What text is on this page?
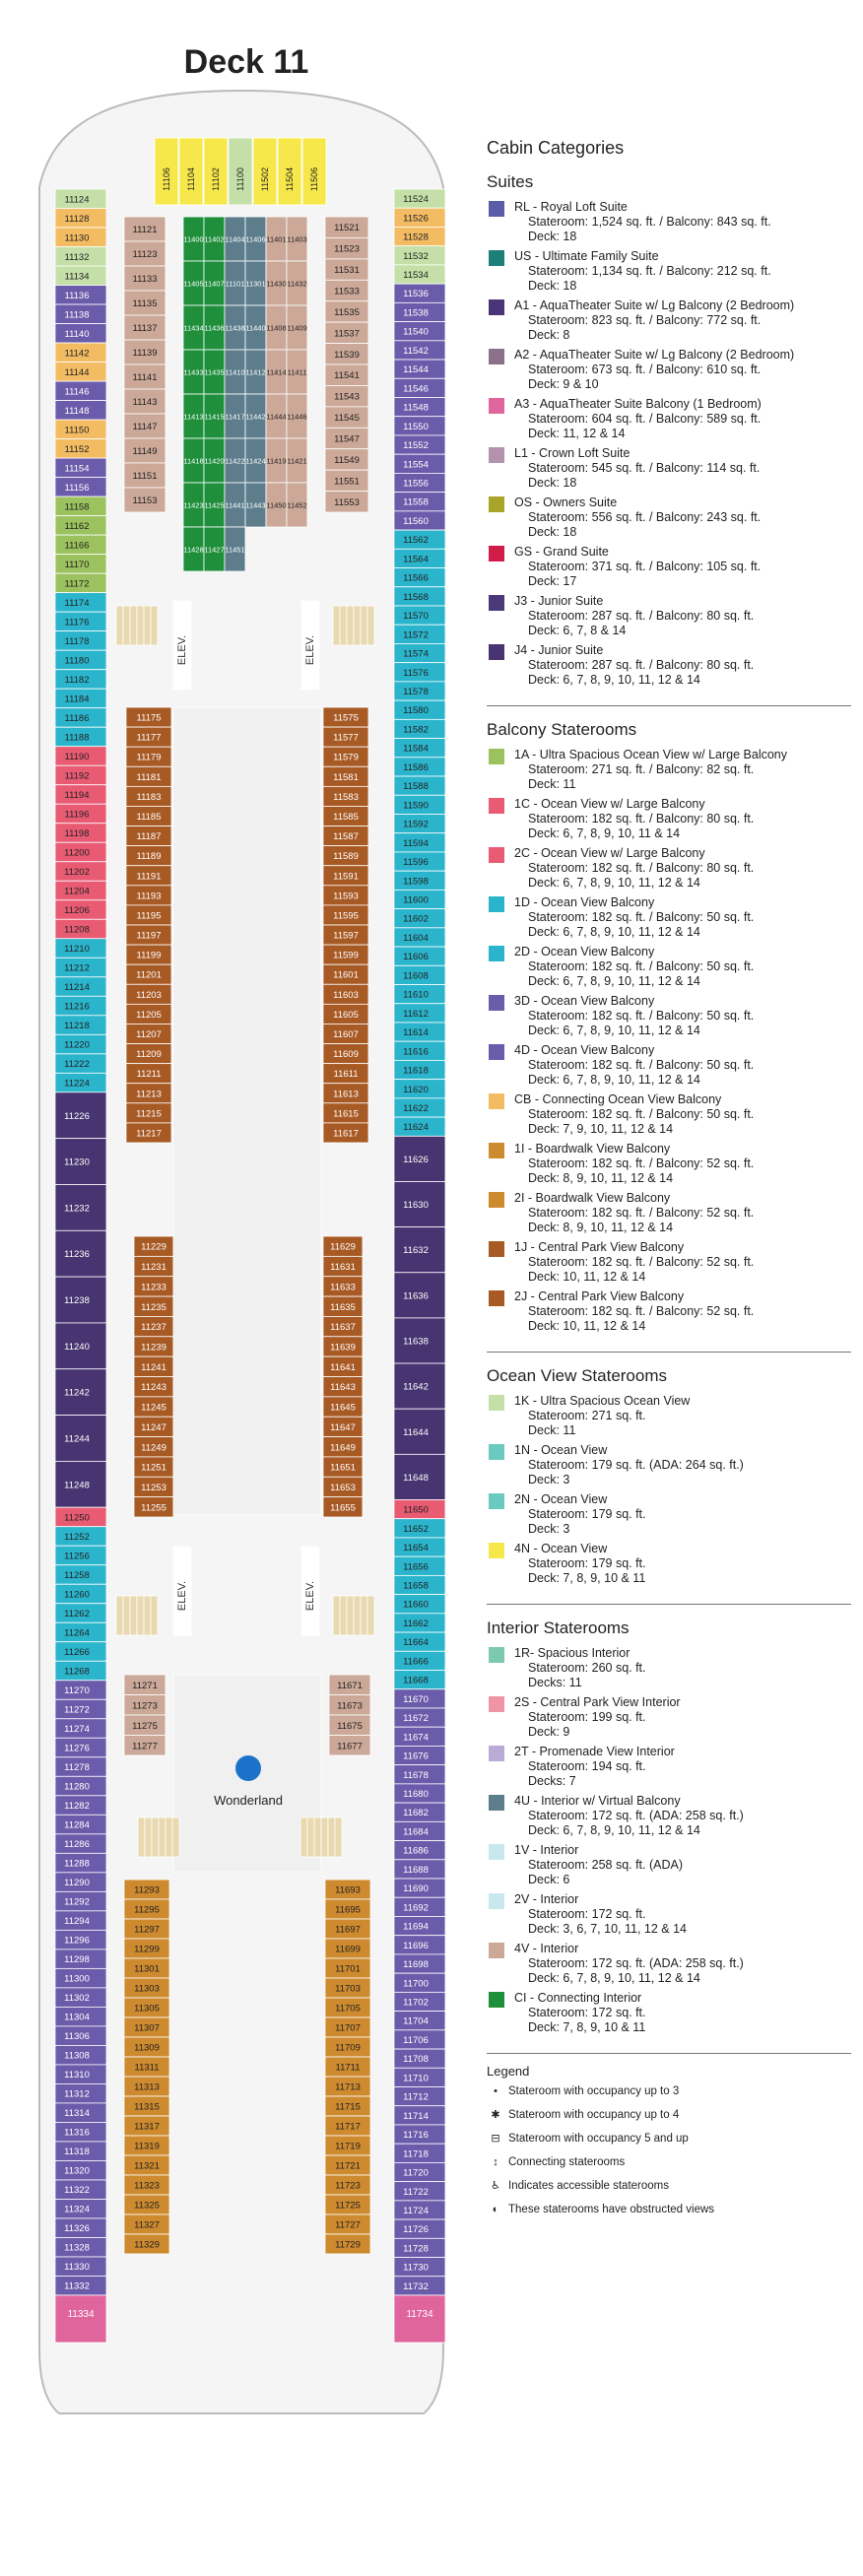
Deck 11
11124
11128
11130
11132
11134
11136
11138
11140
11142
11144
11146
11148
11150
11152
11154
11156
11158
11162
11166
11170
11172
11174
11176
11178
11180
11182
11184
11186
11188
11190
11192
11194
11196
11198
11200
11202
11204
11206
11208
11210
11212
11214
11216
11218
11220
11222
11224
11226
11230
11232
11236
11238
11240
11242
11244
11248
11250
11252
11256
11258
11260
11262
11264
11266
11268
11270
11272
11274
11276
11278
11280
11282
11284
11286
11288
11290
11292
11294
11296
11298
11300
11302
11304
11306
11308
11310
11312
11314
11316
11318
11320
11322
11324
11326
11328
11330
11332
11524
11526
11528
11532
11534
11536
11538
11540
11542
11544
11546
11548
11550
11552
11554
11556
11558
11560
11562
11564
11566
11568
11570
11572
11574
11576
11578
11580
11582
11584
11586
11588
11590
11592
11594
11596
11598
11600
11602
11604
11606
11608
11610
11612
11614
11616
11618
11620
11622
11624
11626
11630
11632
11636
11638
11642
11644
11648
11650
11652
11654
11656
11658
11660
11662
11664
11666
11668
11670
11672
11674
11676
11678
11680
11682
11684
11686
11688
11690
11692
11694
11696
11698
11700
11702
11704
11706
11708
11710
11712
11714
11716
11718
11720
11722
11724
11726
11728
11730
11732
11106 11104 11102 11100 11502 11504 11506
11121
11123
11133
11135
11137
11139
11141
11143
11147
11149
11151
11153
11521
11523
11531
11533
11535
11537
11539
11541
11543
11545
11547
11549
11551
11553
11175
11177
11179
11181
11183
11185
11187
11189
11191
11193
11195
11197
11199
11201
11203
11205
11207
11209
11211
11213
11215
11217
11575
11577
11579
11581
11583
11585
11587
11589
11591
11593
11595
11597
11599
11601
11603
11605
11607
11609
11611
11613
11615
11617
11229
11231
11233
11235
11237
11239
11241
11243
11245
11247
11249
11251
11253
11255
11629
11631
11633
11635
11637
11639
11641
11643
11645
11647
11649
11651
11653
11655
11271
11273
11275
11277
11671
11673
11675
11677
11293
11295
11297
11299
11301
11303
11305
11307
11309
11311
11313
11315
11317
11319
11321
11323
11325
11327
11329
11693
11695
11697
11699
11701
11703
11705
11707
11709
11711
11713
11715
11717
11719
11721
11723
11725
11727
11729
11400 11402 11404 11406 11401 11403
11405 11407 11101 11301 11430 11432
11434 11436 11438 11440 11408 11409
11433 11435 11410 11412 11414 11411
11413 11415 11417 11442 11444 11446
11418 11420 11422 11424 11419 11421
11423 11425 11441 11443 11450 11452
11428 11427 11451
11334	11734
ELEV.	ELEV.
ELEV.	ELEV.
Wonderland
Cabin Categories
Suites
RL - Royal Loft Suite
Stateroom: 1,524 sq. ft. / Balcony: 843 sq. ft.
Deck: 18
US - Ultimate Family Suite
Stateroom: 1,134 sq. ft. / Balcony: 212 sq. ft.
Deck: 18
A1 - AquaTheater Suite w/ Lg Balcony (2 Bedroom)
Stateroom: 823 sq. ft. / Balcony: 772 sq. ft.
Deck: 8
A2 - AquaTheater Suite w/ Lg Balcony (2 Bedroom)
Stateroom: 673 sq. ft. / Balcony: 610 sq. ft.
Deck: 9 & 10
A3 - AquaTheater Suite Balcony (1 Bedroom)
Stateroom: 604 sq. ft. / Balcony: 589 sq. ft.
Deck: 11, 12 & 14
L1 - Crown Loft Suite
Stateroom: 545 sq. ft. / Balcony: 114 sq. ft.
Deck: 18
OS - Owners Suite
Stateroom: 556 sq. ft. / Balcony: 243 sq. ft.
Deck: 18
GS - Grand Suite
Stateroom: 371 sq. ft. / Balcony: 105 sq. ft.
Deck: 17
J3 - Junior Suite
Stateroom: 287 sq. ft. / Balcony: 80 sq. ft.
Deck: 6, 7, 8 & 14
J4 - Junior Suite
Stateroom: 287 sq. ft. / Balcony: 80 sq. ft.
Deck: 6, 7, 8, 9, 10, 11, 12 & 14
Balcony Staterooms
1A - Ultra Spacious Ocean View w/ Large Balcony
Stateroom: 271 sq. ft. / Balcony: 82 sq. ft.
Deck: 11
1C - Ocean View w/ Large Balcony
Stateroom: 182 sq. ft. / Balcony: 80 sq. ft.
Deck: 6, 7, 8, 9, 10, 11 & 14
2C - Ocean View w/ Large Balcony
Stateroom: 182 sq. ft. / Balcony: 80 sq. ft.
Deck: 6, 7, 8, 9, 10, 11, 12 & 14
1D - Ocean View Balcony
Stateroom: 182 sq. ft. / Balcony: 50 sq. ft.
Deck: 6, 7, 8, 9, 10, 11, 12 & 14
2D - Ocean View Balcony
Stateroom: 182 sq. ft. / Balcony: 50 sq. ft.
Deck: 6, 7, 8, 9, 10, 11, 12 & 14
3D - Ocean View Balcony
Stateroom: 182 sq. ft. / Balcony: 50 sq. ft.
Deck: 6, 7, 8, 9, 10, 11, 12 & 14
4D - Ocean View Balcony
Stateroom: 182 sq. ft. / Balcony: 50 sq. ft.
Deck: 6, 7, 8, 9, 10, 11, 12 & 14
CB - Connecting Ocean View Balcony
Stateroom: 182 sq. ft. / Balcony: 50 sq. ft.
Deck: 7, 9, 10, 11, 12 & 14
1I - Boardwalk View Balcony
Stateroom: 182 sq. ft. / Balcony: 52 sq. ft.
Deck: 8, 9, 10, 11, 12 & 14
2I - Boardwalk View Balcony
Stateroom: 182 sq. ft. / Balcony: 52 sq. ft.
Deck: 8, 9, 10, 11, 12 & 14
1J - Central Park View Balcony
Stateroom: 182 sq. ft. / Balcony: 52 sq. ft.
Deck: 10, 11, 12 & 14
2J - Central Park View Balcony
Stateroom: 182 sq. ft. / Balcony: 52 sq. ft.
Deck: 10, 11, 12 & 14
Ocean View Staterooms
1K - Ultra Spacious Ocean View
Stateroom: 271 sq. ft.
Deck: 11
1N - Ocean View
Stateroom: 179 sq. ft. (ADA: 264 sq. ft.)
Deck: 3
2N - Ocean View
Stateroom: 179 sq. ft.
Deck: 3
4N - Ocean View
Stateroom: 179 sq. ft.
Deck: 7, 8, 9, 10 & 11
Interior Staterooms
1R- Spacious Interior
Stateroom: 260 sq. ft.
Decks: 11
2S - Central Park View Interior
Stateroom: 199 sq. ft.
Deck: 9
2T - Promenade View Interior
Stateroom: 194 sq. ft.
Decks: 7
4U - Interior w/ Virtual Balcony
Stateroom: 172 sq. ft. (ADA: 258 sq. ft.)
Deck: 6, 7, 8, 9, 10, 11, 12 & 14
1V - Interior
Stateroom: 258 sq. ft. (ADA)
Deck: 6
2V - Interior
Stateroom: 172 sq. ft.
Deck: 3, 6, 7, 10, 11, 12 & 14
4V - Interior
Stateroom: 172 sq. ft. (ADA: 258 sq. ft.)
Deck: 6, 7, 8, 9, 10, 11, 12 & 14
CI - Connecting Interior
Stateroom: 172 sq. ft.
Deck: 7, 8, 9, 10 & 11
Legend
• Stateroom with occupancy up to 3
✱ Stateroom with occupancy up to 4
⊟ Stateroom with occupancy 5 and up
↕ Connecting staterooms
♿ Indicates accessible staterooms
◐ These staterooms have obstructed views
